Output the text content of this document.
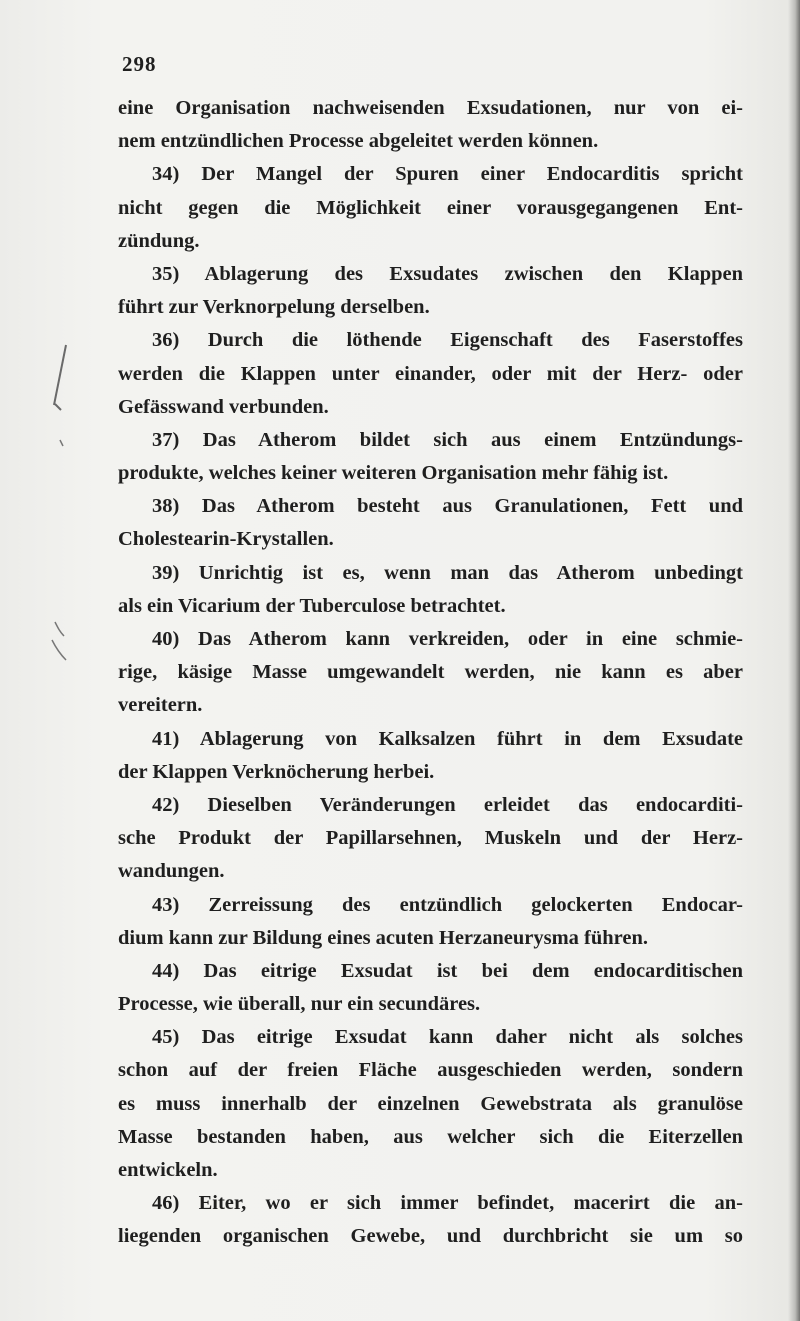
298
eine Organisation nachweisenden Exsudationen, nur von ei-
nem entzündlichen Processe abgeleitet werden können.
34) Der Mangel der Spuren einer Endocarditis spricht
nicht gegen die Möglichkeit einer vorausgegangenen Ent-
zündung.
35) Ablagerung des Exsudates zwischen den Klappen
führt zur Verknorpelung derselben.
36) Durch die löthende Eigenschaft des Faserstoffes
werden die Klappen unter einander, oder mit der Herz- oder
Gefässwand verbunden.
37) Das Atherom bildet sich aus einem Entzündungs-
produkte, welches keiner weiteren Organisation mehr fähig ist.
38) Das Atherom besteht aus Granulationen, Fett und
Cholestearin-Krystallen.
39) Unrichtig ist es, wenn man das Atherom unbedingt
als ein Vicarium der Tuberculose betrachtet.
40) Das Atherom kann verkreiden, oder in eine schmie-
rige, käsige Masse umgewandelt werden, nie kann es aber
vereitern.
41) Ablagerung von Kalksalzen führt in dem Exsudate
der Klappen Verknöcherung herbei.
42) Dieselben Veränderungen erleidet das endocarditi-
sche Produkt der Papillarsehnen, Muskeln und der Herz-
wandungen.
43) Zerreissung des entzündlich gelockerten Endocar-
dium kann zur Bildung eines acuten Herzaneurysma führen.
44) Das eitrige Exsudat ist bei dem endocarditischen
Processe, wie überall, nur ein secundäres.
45) Das eitrige Exsudat kann daher nicht als solches
schon auf der freien Fläche ausgeschieden werden, sondern
es muss innerhalb der einzelnen Gewebstrata als granulöse
Masse bestanden haben, aus welcher sich die Eiterzellen
entwickeln.
46) Eiter, wo er sich immer befindet, macerirt die an-
liegenden organischen Gewebe, und durchbricht sie um so
